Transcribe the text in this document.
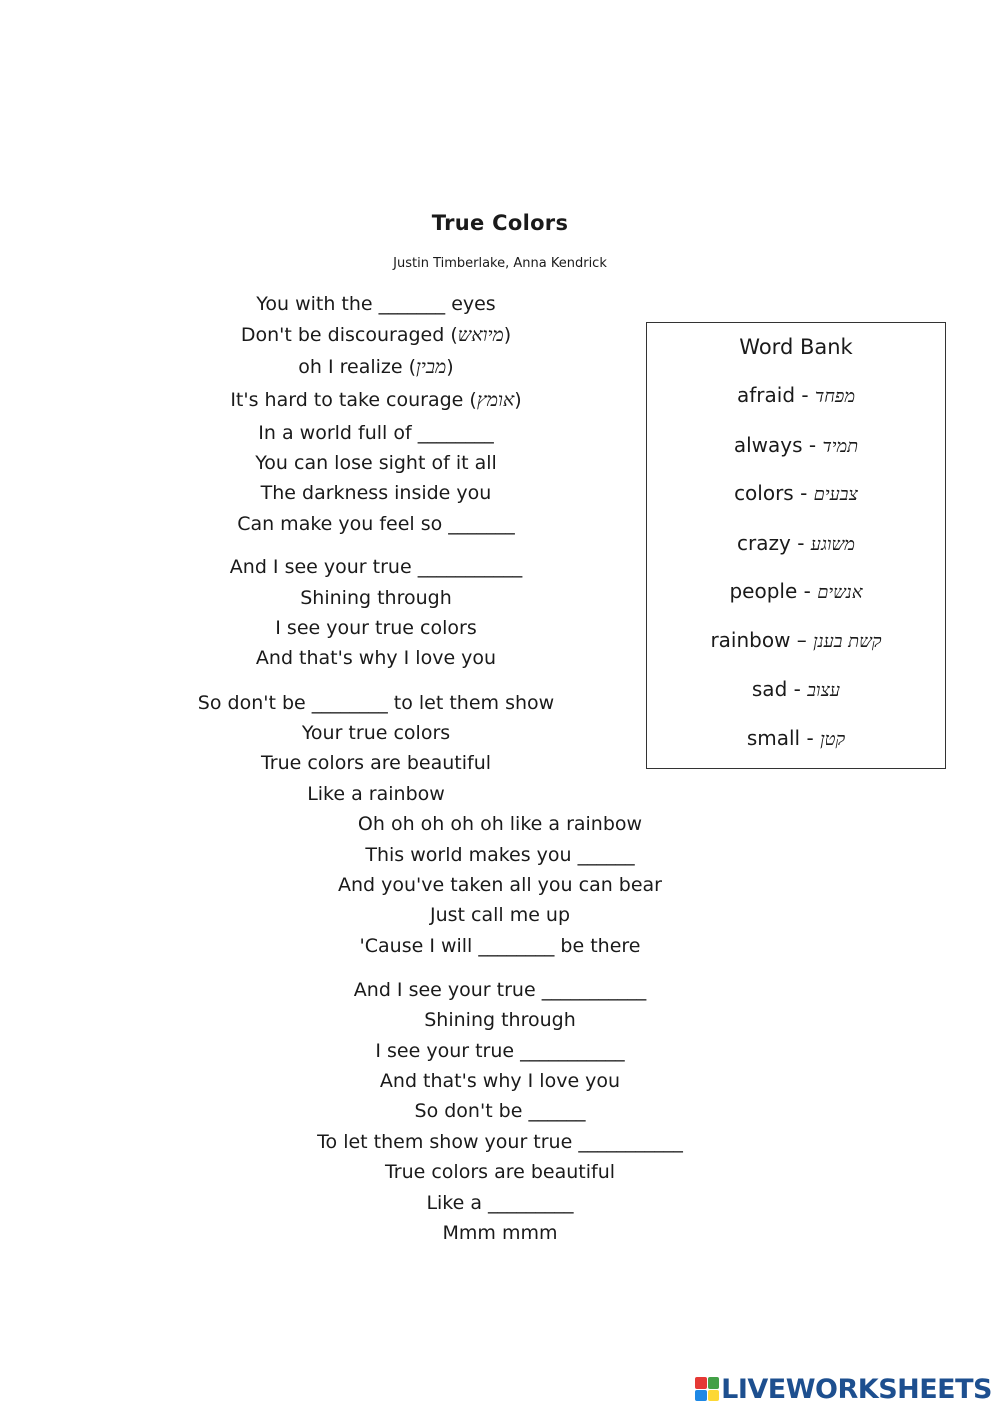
True Colors
Justin Timberlake, Anna Kendrick
You with the _______ eyes
Don't be discouraged (מיואש)
oh I realize (מבין)
It's hard to take courage (אומץ)
In a world full of ________
You can lose sight of it all
The darkness inside you
Can make you feel so _______
And I see your true ___________
Shining through
I see your true colors
And that's why I love you
So don't be ________ to let them show
Your true colors
True colors are beautiful
Like a rainbow
Oh oh oh oh oh like a rainbow
This world makes you ______
And you've taken all you can bear
Just call me up
'Cause I will ________ be there
And I see your true ___________
Shining through
I see your true ___________
And that's why I love you
So don't be ______
To let them show your true ___________
True colors are beautiful
Like a _________
Mmm mmm
Word Bank
afraid - מפחד
always - תמיד
colors - צבעים
crazy - משוגע
people - אנשים
rainbow – קשת בענן
sad - עצוב
small - קטן
LIVEWORKSHEETS
